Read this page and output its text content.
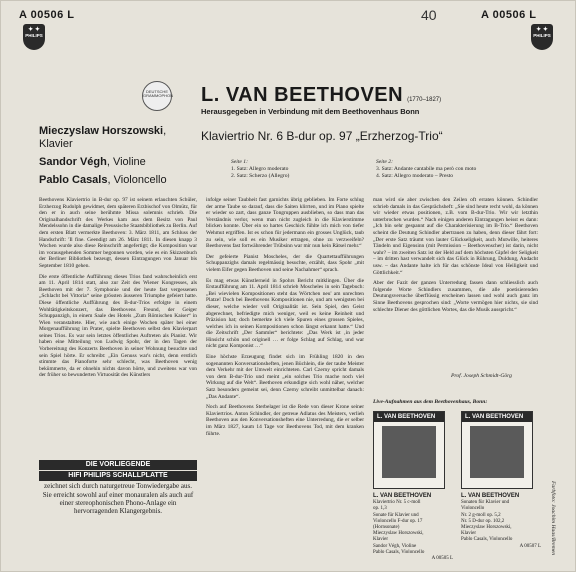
A 00506 L
✦ ✦
PHILIPS
40	A 00506 L
✦ ✦
PHILIPS
DEUTSCHE GRAMMOPHON L. VAN BEETHOVEN (1770–1827)
Herausgegeben in Verbindung mit dem Beethovenhaus Bonn
Mieczyslaw Horszowski,
Klavier
Sandor Végh, Violine
Pablo Casals, Violoncello
Klaviertrio Nr. 6 B-dur op. 97 „Erzherzog-Trio“
Seite 1:
1. Satz: Allegro moderato
2. Satz: Scherzo (Allegro)
Seite 2:
3. Satz: Andante cantabile ma però con moto
4. Satz: Allegro moderato – Presto

Beethovens Klaviertrio in B-dur op. 97 ist seinem erlauchten Schüler, Erzherzog Rudolph gewidmet, dem späteren Erzbischof von Olmütz, für den er in auch seine berühmte Missa solemnis schrieb. Die Originalhandschrift des Werkes kam aus dem Besitz von Paul Mendelssohn in die damalige Preussische Staatsbibliothek zu Berlin. Auf dem ersten Blatt vermerkte Beethoven: 3. März 1811, am Schluss der Handschrift: 'Il fine. Geendigt am 26. März 1811. In diesen knapp 3 Wochen wurde also diese Reinschrift angefertigt; die Komposition war im vorausgehenden Sommer begonnen worden, wie es ein Skizzenbuch der Berliner Bibliothek bezeugt, dessen Eintragungen von Januar bis September 1810 gehen.

Die erste öffentliche Aufführung dieses Trios fand wahrscheinlich erst am 11. April 1814 statt, also zur Zeit des Wiener Kongresses, als Beethoven mit der 7. Symphonie und der heute fast vergessenen „Schlacht bei Vittoria“ seine grössten äusseren Triumphe gefeiert hatte. Diese öffentliche Aufführung des B-dur-Trios erfolgte in einem Wohltätigkeitskonzert, das Beethovens Freund, der Geiger Schuppanzigh, in einem Saale des Hotels „Zum Römischen Kaiser“ in Wien veranstaltete. Hier, wie auch einige Wochen später bei einer Morgenaufführung im Prater, spielte Beethoven selbst den Klavierpart seines Trios. Es war sein letztes öffentliches Auftreten als Pianist. Wir haben eine Mitteilung von Ludwig Spohr, der in den Tagen der Vorbereitung des Konzerts Beethoven in seiner Wohnung besuchte und sein Spiel hörte. Er schreibt: „Ein Genuss war's nicht, denn erstlich stimmte das Pianoforte sehr schlecht, was Beethoven wenig bekümmerte, da er ohnehin nichts davon hörte, und zweitens war von der früher so bewunderten Virtuosität des Künstlers

DIE VORLIEGENDE
HIFI PHILIPS SCHALLPLATTE
zeichnet sich durch naturgetreue Tonwiedergabe aus. Sie erreicht sowohl auf einer monauralen als auch auf einer stereophonischen Phono-Anlage ein hervorragenden Klangergebnis.

infolge seiner Taubheit fast garnichts übrig geblieben. Im Forte schlug der arme Taube so darauf, dass die Saiten klirrten, und im Piano spielte er wieder so zart, dass ganze Tongruppen ausblieben, so dass man das Verständnis verlor, wenn man nicht zugleich in die Klavierstimme blicken konnte. Über ein so hartes Geschick fühlte ich mich von tiefer Wehmut ergriffen. Ist es schon für jedermann ein grosses Unglück, taub zu sein, wie soll es ein Musiker ertragen, ohne zu verzweifeln? Beethovens fast fortwährender Trübsinn war mir nun kein Rätsel mehr.“

Der gefeierte Pianist Moscheles, der die Quartettaufführungen Schuppanzighs damals regelmässig besuchte, erzählt, dass Spohr „mit vielem Eifer gegen Beethoven und seine Nachahmer“ sprach.

Es mag etwas Künstlerneid in Spohrs Bericht mitklingen. Über die Erstaufführung am 11. April 1814 schrieb Moscheles in sein Tagebuch: „Bei wievielen Kompositionen steht das Wörtchen neu' am unrechten Platze! Doch bei Beethovens Kompositionen nie, und am wenigsten bei dieser, welche wieder voll Originalität ist. Sein Spiel, den Geist abgerechnet, befriedigte mich weniger, weil es keine Reinheit und Präzision hat; doch bemerkte ich viele Spuren eines grossen Spieles, welches ich in seinen Kompositionen schon längst erkannt hatte.“ Und die Zeitschrift „Der Sammler“ berichtete: „Das Werk ist ‚in jeder Hinsicht schön und originell … er folge Schlag auf Schlag, und war nicht ganz Komponist …“

Eine höchste Erzeugung findet sich im Frühling 1820 in den sogenannten Konversationsheften, jenen Büchlein, die der taube Meister dem Verkehr mit der Umwelt einrichteten. Carl Czerny spricht damals von dem B-dur-Trio und meint „ein solches Trio mache noch viel Wirkung auf die Welt“. Beethoven erkundigte sich wohl näher, welcher Satz besonders gemeint sei, denn Czerny schreibt unmittelbar danach: „Das Andante“.

Noch auf Beethovens Sterbelager ist die Rede von dieser Krone seiner Klaviertrios. Anton Schindler, der getreue Adlatus des Meisters, verlieh Beethoven aus den Konversationsheften eine Unterredung, die er selber im März 1827, kaum 14 Tage vor Beethovens Tod, mit dem kranken führte.

man wird sie aber zwischen den Zeilen oft erraten können. Schindler schrieb damals in das Gesprächsheft: „Sie sind heute recht wohl, da können wir wieder etwas positionen, z.B. vom B-dur-Trio. Wir wir letzthin unterbrochen wurden.“ Nach einigen anderen Eintragungen heisst es dann: „Ich bin sehr gespannt auf die Charakterisierung im B-Trio.“ Beethoven scheint die Deutung Schindler abertrauen zu haben, denn dieser fährt fort: „Der erste Satz träumt von lauter Glückseligkeit, auch Mutwille, heiteres Tändeln und Eigensinn (mit Permission – Beethovenscher) ist darin, nicht wahr? – im zweiten Satz ist der Held auf dem höchsten Gipfel der Seligkeit – im dritten hast verwandelt sich das Glück in Rührung, Duldung, Andacht usw. – das Andante halte ich für das schönste Ideal von Heiligkeit und Göttlichkeit.“

Aber der Fazit der ganzen Unterredung fassen dann schliesslich auch folgende Worte Schindlers zusammen, die alle poetisierenden Deutungsversuche überflüssig erscheinen lassen und wohl auch ganz im Sinne Beethovens gesprochen sind: „Worte vermögen hier nichts, sie sind schlechte Diener des göttlichen Wortes, das die Musik ausspricht.“

Prof. Joseph Schmidt-Görg
Live-Aufnahmen aus dem Beethovenhaus, Bonn:
L. VAN BEETHOVEN
L. VAN BEETHOVEN
Klaviertrio Nr. 5 c-moll
op. 1,3
Sonate für Klavier und
Violoncello F-dur op. 17
(Hornsonate)
Mieczyslaw Horszowski,
Klavier
Sandor Végh, Violine
Pablo Casals, Violoncello
A 00505 L
L. VAN BEETHOVEN
L. VAN BEETHOVEN
Sonaten für Klavier und
Violoncello
Nr. 2 g-moll op. 5,2
Nr. 5 D-dur op. 102,2
Mieczyslaw Horszowski,
Klavier
Pablo Casals, Violoncello
A 00507 L Farbfoto: Joachim Haas/Bremen
